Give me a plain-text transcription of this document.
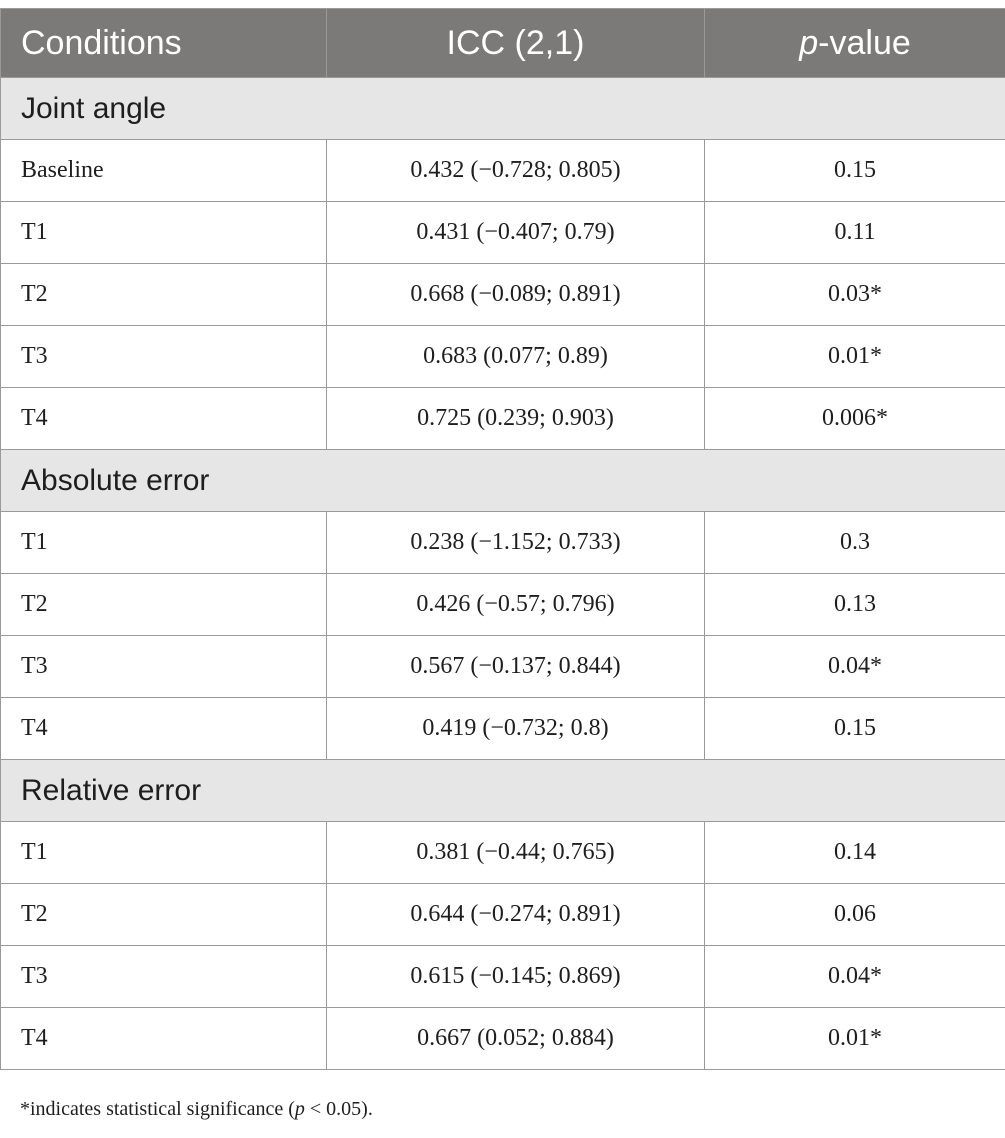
Conditions	ICC (2,1)	p-value
Joint angle		
Baseline	0.432 (−0.728; 0.805)	0.15
T1	0.431 (−0.407; 0.79)	0.11
T2	0.668 (−0.089; 0.891)	0.03*
T3	0.683 (0.077; 0.89)	0.01*
T4	0.725 (0.239; 0.903)	0.006*
Absolute error		
T1	0.238 (−1.152; 0.733)	0.3
T2	0.426 (−0.57; 0.796)	0.13
T3	0.567 (−0.137; 0.844)	0.04*
T4	0.419 (−0.732; 0.8)	0.15
Relative error		
T1	0.381 (−0.44; 0.765)	0.14
T2	0.644 (−0.274; 0.891)	0.06
T3	0.615 (−0.145; 0.869)	0.04*
T4	0.667 (0.052; 0.884)	0.01*

*indicates statistical significance (p < 0.05).
